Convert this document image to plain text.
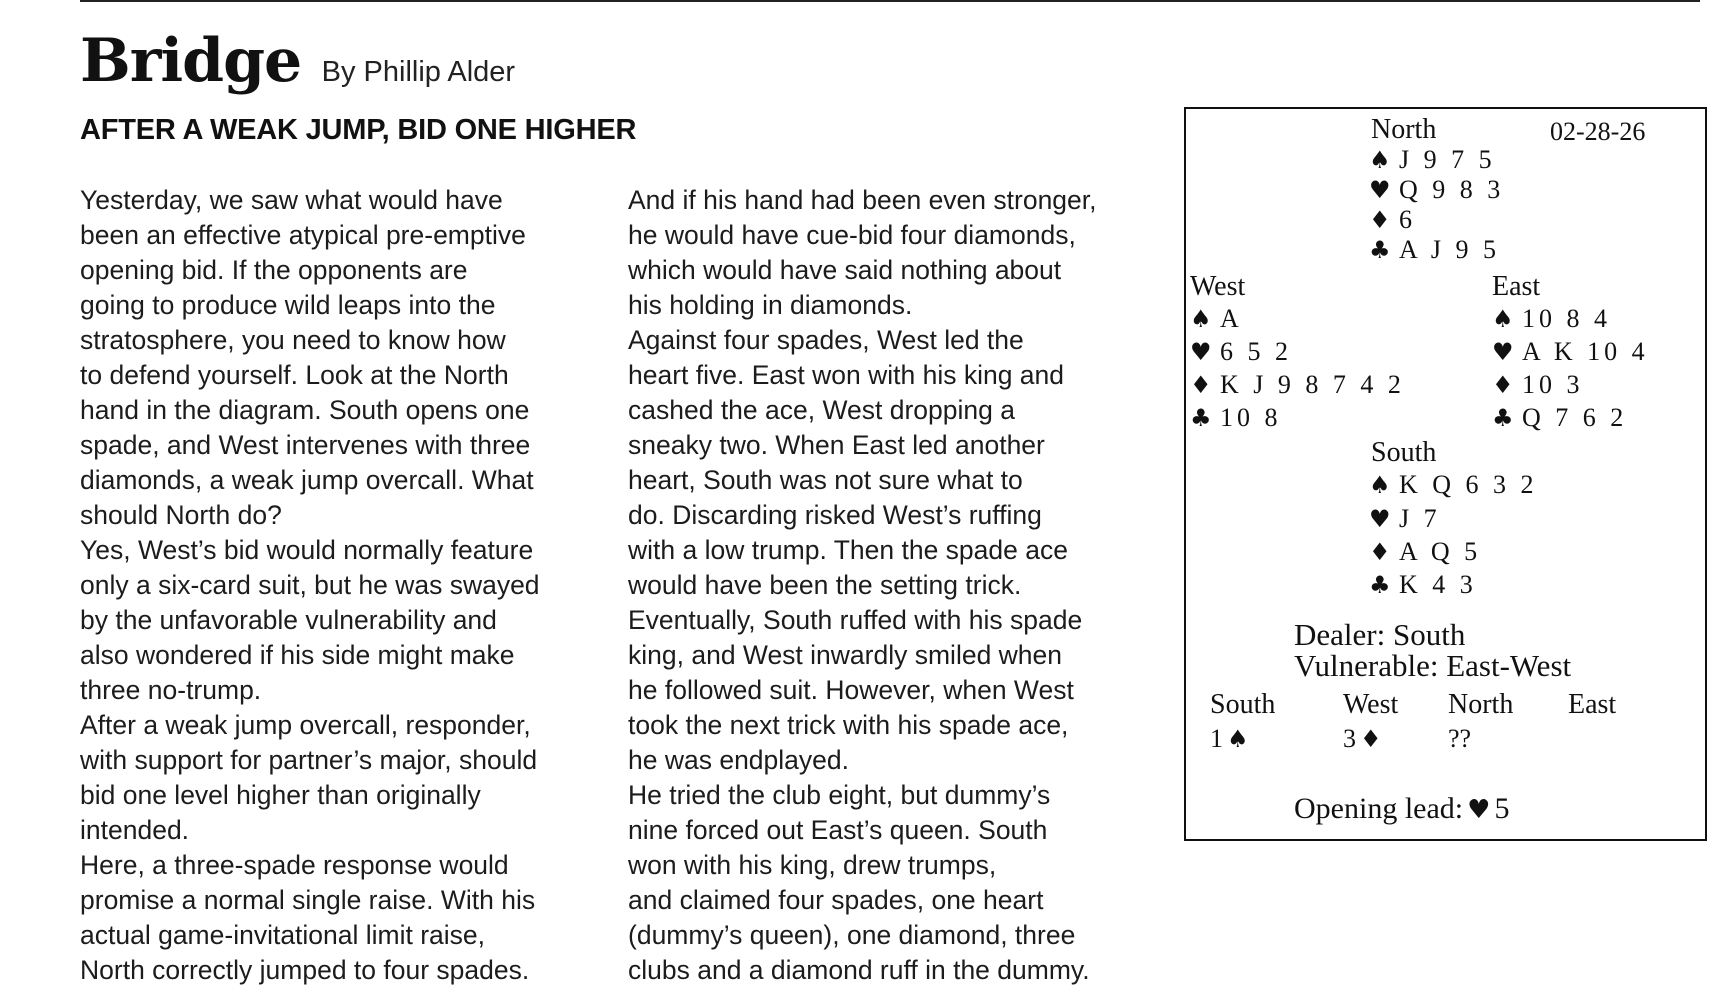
Bridge By Phillip Alder
AFTER A WEAK JUMP, BID ONE HIGHER
Yesterday, we saw what would have
been an effective atypical pre-emptive
opening bid. If the opponents are
going to produce wild leaps into the
stratosphere, you need to know how
to defend yourself. Look at the North
hand in the diagram. South opens one
spade, and West intervenes with three
diamonds, a weak jump overcall. What
should North do?
Yes, West’s bid would normally feature
only a six-card suit, but he was swayed
by the unfavorable vulnerability and
also wondered if his side might make
three no-trump.
After a weak jump overcall, responder,
with support for partner’s major, should
bid one level higher than originally
intended.
Here, a three-spade response would
promise a normal single raise. With his
actual game-invitational limit raise,
North correctly jumped to four spades.
And if his hand had been even stronger,
he would have cue-bid four diamonds,
which would have said nothing about
his holding in diamonds.
Against four spades, West led the
heart five. East won with his king and
cashed the ace, West dropping a
sneaky two. When East led another
heart, South was not sure what to
do. Discarding risked West’s ruffing
with a low trump. Then the spade ace
would have been the setting trick.
Eventually, South ruffed with his spade
king, and West inwardly smiled when
he followed suit. However, when West
took the next trick with his spade ace,
he was endplayed.
He tried the club eight, but dummy’s
nine forced out East’s queen. South
won with his king, drew trumps,
and claimed four spades, one heart
(dummy’s queen), one diamond, three
clubs and a diamond ruff in the dummy.
North	02-28-26
♠ J 9 7 5
♥ Q 9 8 3
♦ 6
♣ A J 9 5
West
♠ A
♥ 6 5 2
♦ K J 9 8 7 4 2
♣ 10 8
East
♠ 10 8 4
♥ A K 10 4
♦ 10 3
♣ Q 7 6 2
South
♠ K Q 6 3 2
♥ J 7
♦ A Q 5
♣ K 4 3
Dealer: South
Vulnerable: East-West
South West North East
1 ♠	3 ♦	??
Opening lead: ♥ 5
